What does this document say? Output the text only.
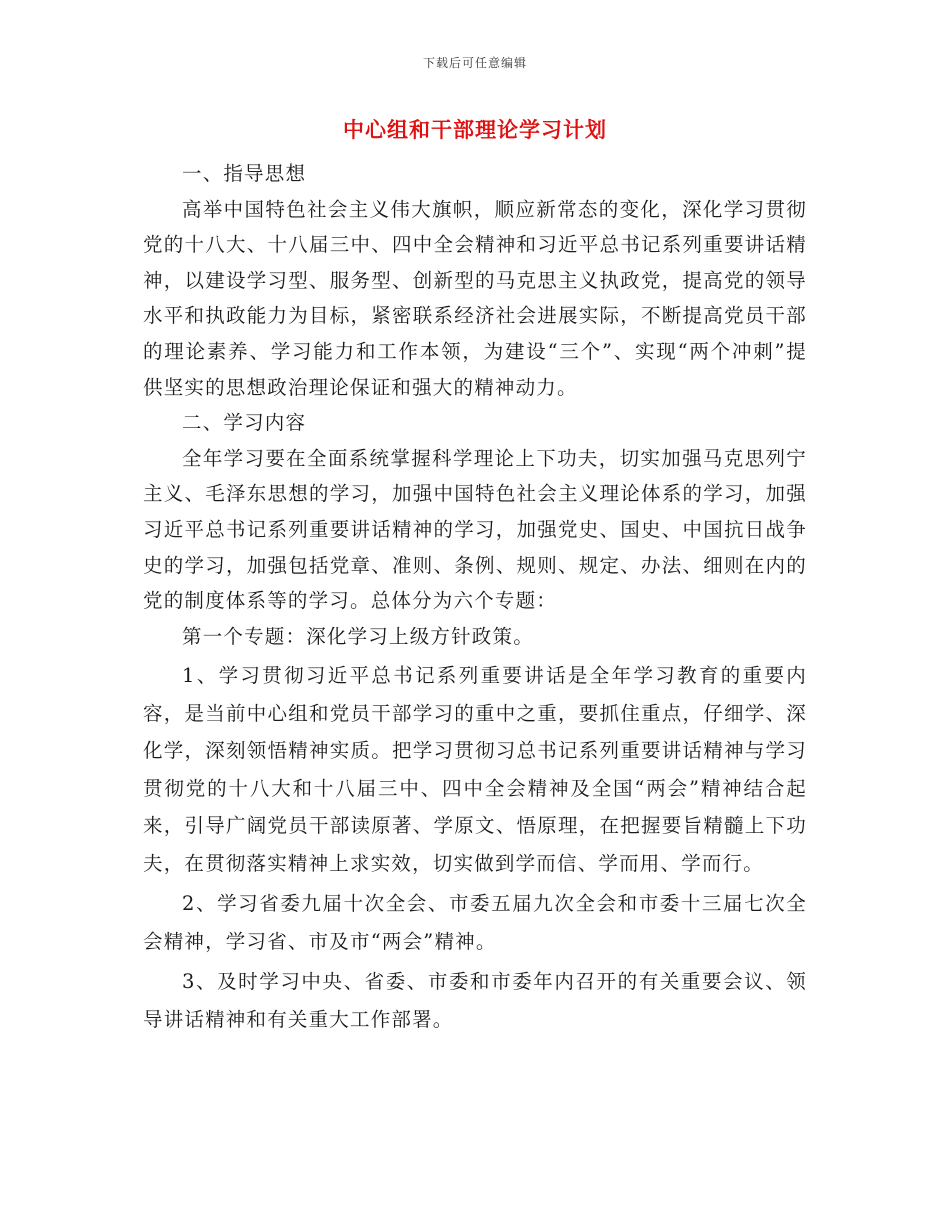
下载后可任意编辑
中心组和干部理论学习计划

一、指导思想

高举中国特色社会主义伟大旗帜，顺应新常态的变化，深化学习贯彻党的十八大、十八届三中、四中全会精神和习近平总书记系列重要讲话精神，以建设学习型、服务型、创新型的马克思主义执政党，提高党的领导水平和执政能力为目标，紧密联系经济社会进展实际，不断提高党员干部的理论素养、学习能力和工作本领，为建设“三个”、实现“两个冲刺”提供坚实的思想政治理论保证和强大的精神动力。

二、学习内容

全年学习要在全面系统掌握科学理论上下功夫，切实加强马克思列宁主义、毛泽东思想的学习，加强中国特色社会主义理论体系的学习，加强习近平总书记系列重要讲话精神的学习，加强党史、国史、中国抗日战争史的学习，加强包括党章、准则、条例、规则、规定、办法、细则在内的党的制度体系等的学习。总体分为六个专题：

第一个专题：深化学习上级方针政策。

1、学习贯彻习近平总书记系列重要讲话是全年学习教育的重要内容，是当前中心组和党员干部学习的重中之重，要抓住重点，仔细学、深化学，深刻领悟精神实质。把学习贯彻习总书记系列重要讲话精神与学习贯彻党的十八大和十八届三中、四中全会精神及全国“两会”精神结合起来，引导广阔党员干部读原著、学原文、悟原理，在把握要旨精髓上下功夫，在贯彻落实精神上求实效，切实做到学而信、学而用、学而行。

2、学习省委九届十次全会、市委五届九次全会和市委十三届七次全会精神，学习省、市及市“两会”精神。

3、及时学习中央、省委、市委和市委年内召开的有关重要会议、领导讲话精神和有关重大工作部署。
